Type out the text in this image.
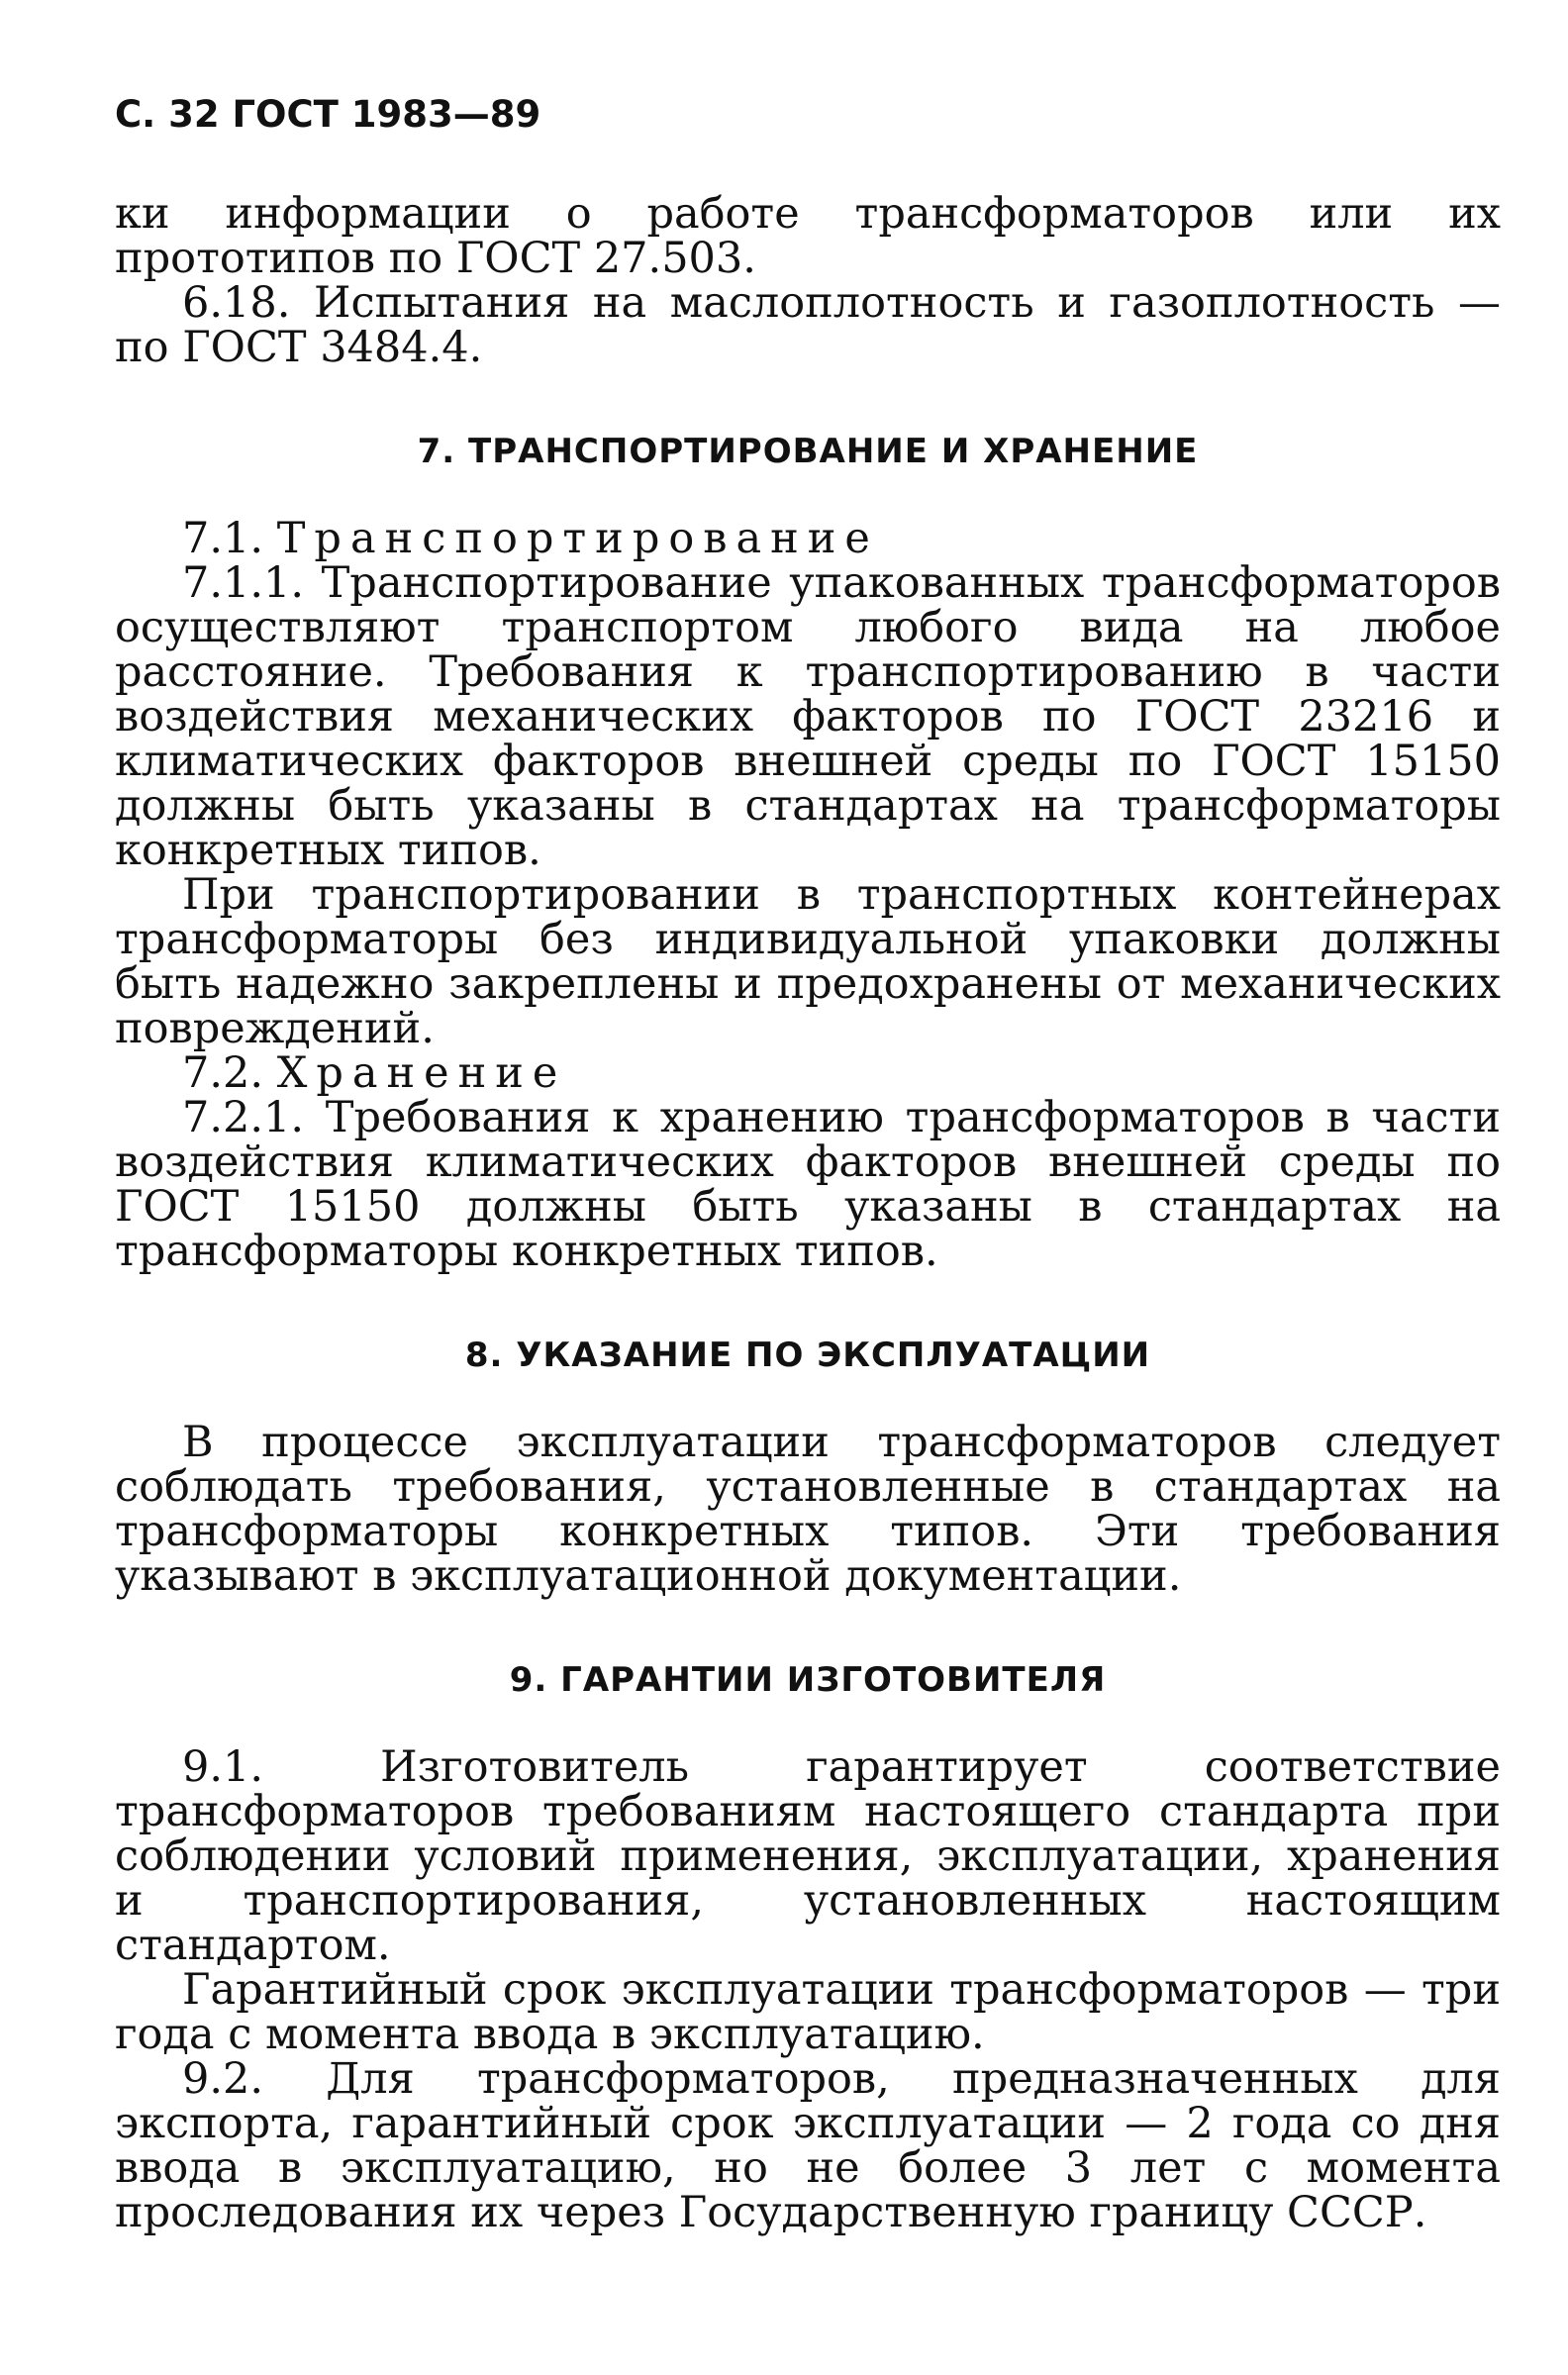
С. 32 ГОСТ 1983—89

ки информации о работе трансформаторов или их прототипов по ГОСТ 27.503.

6.18. Испытания на маслоплотность и газоплотность — по ГОСТ 3484.4.

7. ТРАНСПОРТИРОВАНИЕ И ХРАНЕНИЕ

7.1. Транспортирование

7.1.1. Транспортирование упакованных трансформаторов осуществляют транспортом любого вида на любое расстояние. Требования к транспортированию в части воздействия механических факторов по ГОСТ 23216 и климатических факторов внешней среды по ГОСТ 15150 должны быть указаны в стандартах на трансформаторы конкретных типов.

При транспортировании в транспортных контейнерах трансформаторы без индивидуальной упаковки должны быть надежно закреплены и предохранены от механических повреждений.

7.2. Хранение

7.2.1. Требования к хранению трансформаторов в части воздействия климатических факторов внешней среды по ГОСТ 15150 должны быть указаны в стандартах на трансформаторы конкретных типов.

8. УКАЗАНИЕ ПО ЭКСПЛУАТАЦИИ

В процессе эксплуатации трансформаторов следует соблюдать требования, установленные в стандартах на трансформаторы конкретных типов. Эти требования указывают в эксплуатационной документации.

9. ГАРАНТИИ ИЗГОТОВИТЕЛЯ

9.1. Изготовитель гарантирует соответствие трансформаторов требованиям настоящего стандарта при соблюдении условий применения, эксплуатации, хранения и транспортирования, установленных настоящим стандартом.

Гарантийный срок эксплуатации трансформаторов — три года с момента ввода в эксплуатацию.

9.2. Для трансформаторов, предназначенных для экспорта, гарантийный срок эксплуатации — 2 года со дня ввода в эксплуатацию, но не более 3 лет с момента проследования их через Государственную границу СССР.
